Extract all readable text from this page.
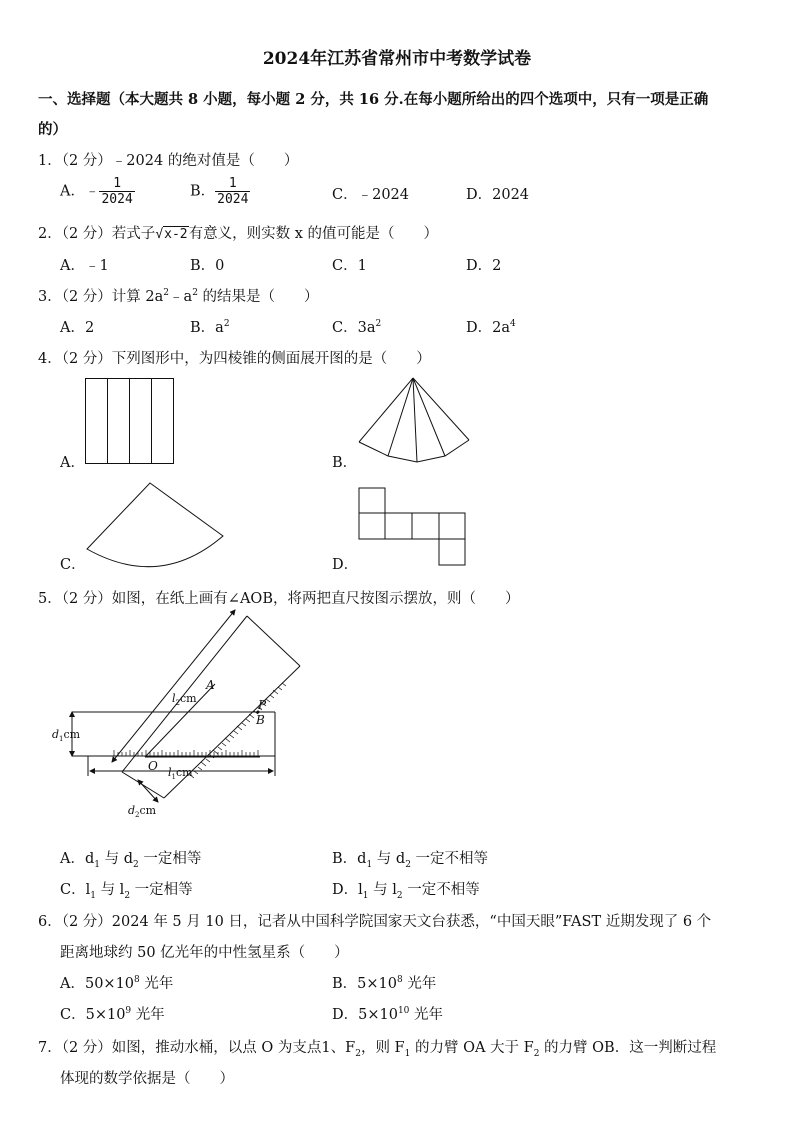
2024年江苏省常州市中考数学试卷
一、选择题（本大题共 8 小题，每小题 2 分，共 16 分.在每小题所给出的四个选项中，只有一项是正确
的）
1．（2 分）﹣2024 的绝对值是（　　）
A．﹣ $\frac{1}{2024}$	B． $\frac{1}{2024}$	C．﹣2024	D．2024
2．（2 分）若式子√x-2有意义，则实数 x 的值可能是（　　）
A．﹣1	B．0	C．1	D．2
3．（2 分）计算 $2a^2﹣a^2$ 的结果是（　　）
A．2	B．$a^2$	C．$3a^2$	D．$2a^4$
4．（2 分）下列图形中，为四棱锥的侧面展开图的是（　　）
A．	B．
C．	D．
5．（2 分）如图，在纸上画有∠AOB，将两把直尺按图示摆放，则（　　）
A
B
O
P
$l_2cm$
$l_1cm$
$d_1cm$
$d_2cm$
A．$d_1$ 与 $d_2$ 一定相等	B．$d_1$ 与 $d_2$ 一定不相等
C．$l_1$ 与 $l_2$ 一定相等	D．$l_1$ 与 $l_2$ 一定不相等
6．（2 分）2024 年 5 月 10 日，记者从中国科学院国家天文台获悉，“中国天眼”FAST 近期发现了 6 个
距离地球约 50 亿光年的中性氢星系（　　）
A．$50\times 10^8$ 光年	B．$5\times 10^8$ 光年
C．$5\times 10^9$ 光年	D．$5\times 10^{10}$ 光年
7．（2 分）如图，推动水桶，以点 O 为支点1、$F_2$，则 $F_1$ 的力臂 OA 大于 $F_2$ 的力臂 OB．这一判断过程
体现的数学依据是（　　）
